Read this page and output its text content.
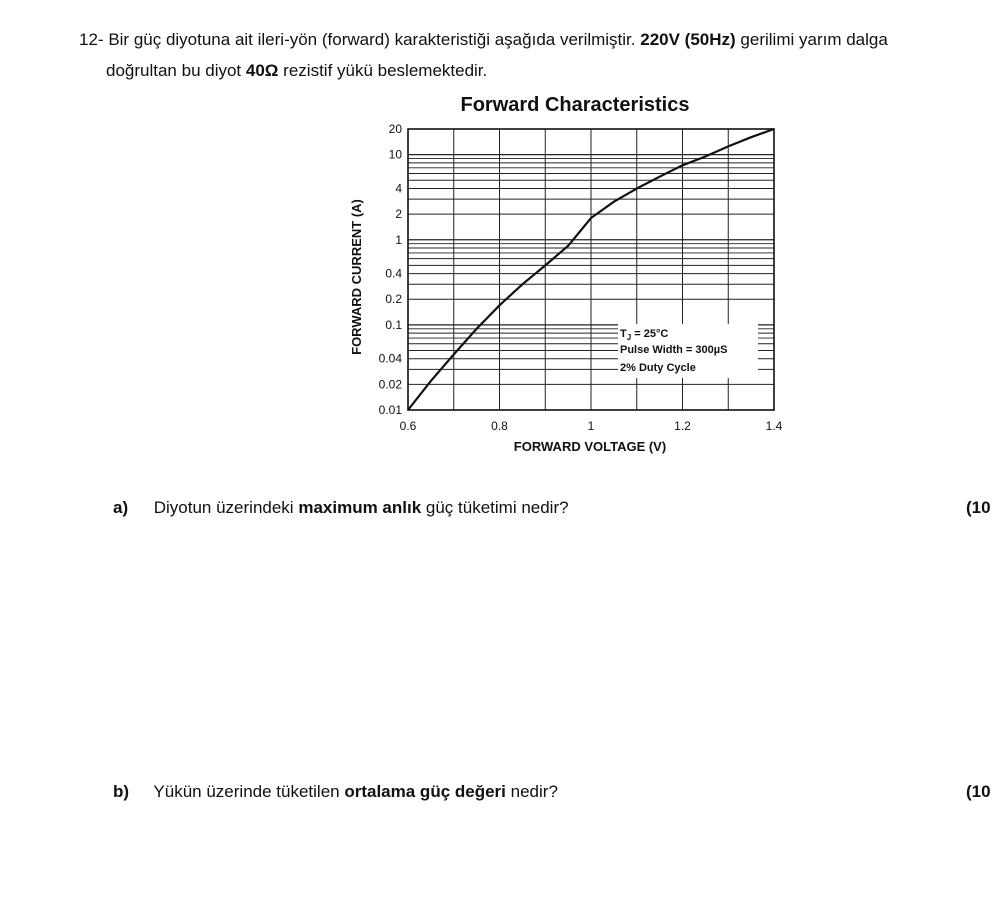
12- Bir güç diyotuna ait ileri-yön (forward) karakteristiği aşağıda verilmiştir. 220V (50Hz) gerilimi yarım dalga
doğrultan bu diyot 40Ω rezistif yükü beslemektedir.
Forward Characteristics
FORWARD CURRENT (A)
FORWARD VOLTAGE (V)
0.01
0.02
0.04
0.1
0.2
0.4
1
2
4
10
20
0.6	0.8	1	1.2	1.4
$T_J = 25^\circ C$
Pulse Width = 300µS
2% Duty Cycle
a) Diyotun üzerindeki maximum anlık güç tüketimi nedir?	(10
b) Yükün üzerinde tüketilen ortalama güç değeri nedir?	(10
